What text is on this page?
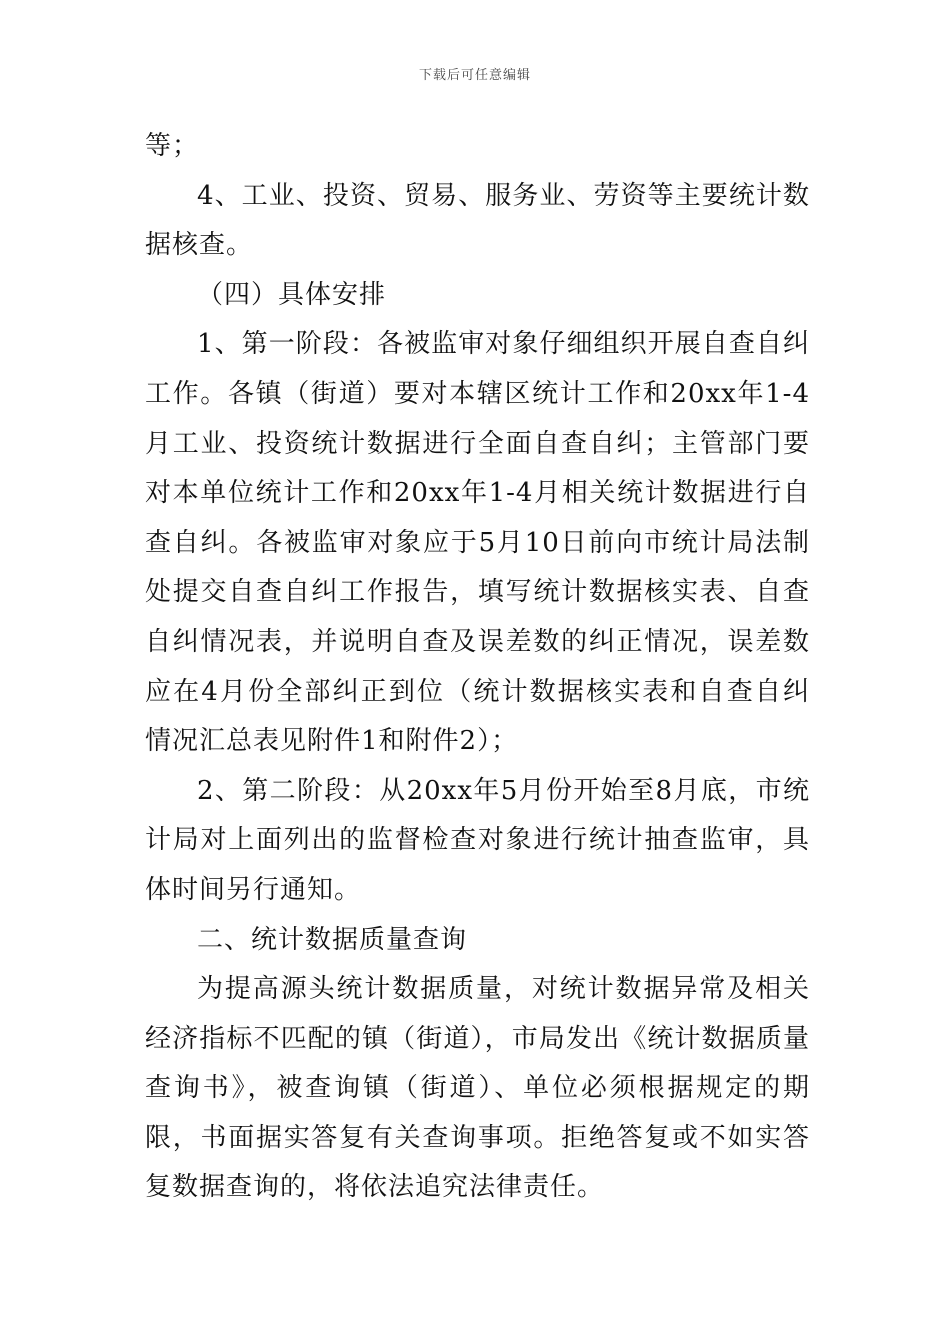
下载后可任意编辑

等；

4、工业、投资、贸易、服务业、劳资等主要统计数据核查。

（四）具体安排

1、第一阶段：各被监审对象仔细组织开展自查自纠工作。各镇（街道）要对本辖区统计工作和20xx年1-4月工业、投资统计数据进行全面自查自纠；主管部门要对本单位统计工作和20xx年1-4月相关统计数据进行自查自纠。各被监审对象应于5月10日前向市统计局法制处提交自查自纠工作报告，填写统计数据核实表、自查自纠情况表，并说明自查及误差数的纠正情况，误差数应在4月份全部纠正到位（统计数据核实表和自查自纠情况汇总表见附件1和附件2）；

2、第二阶段：从20xx年5月份开始至8月底，市统计局对上面列出的监督检查对象进行统计抽查监审，具体时间另行通知。

二、统计数据质量查询

为提高源头统计数据质量，对统计数据异常及相关经济指标不匹配的镇（街道），市局发出《统计数据质量查询书》，被查询镇（街道）、单位必须根据规定的期限，书面据实答复有关查询事项。拒绝答复或不如实答复数据查询的，将依法追究法律责任。
